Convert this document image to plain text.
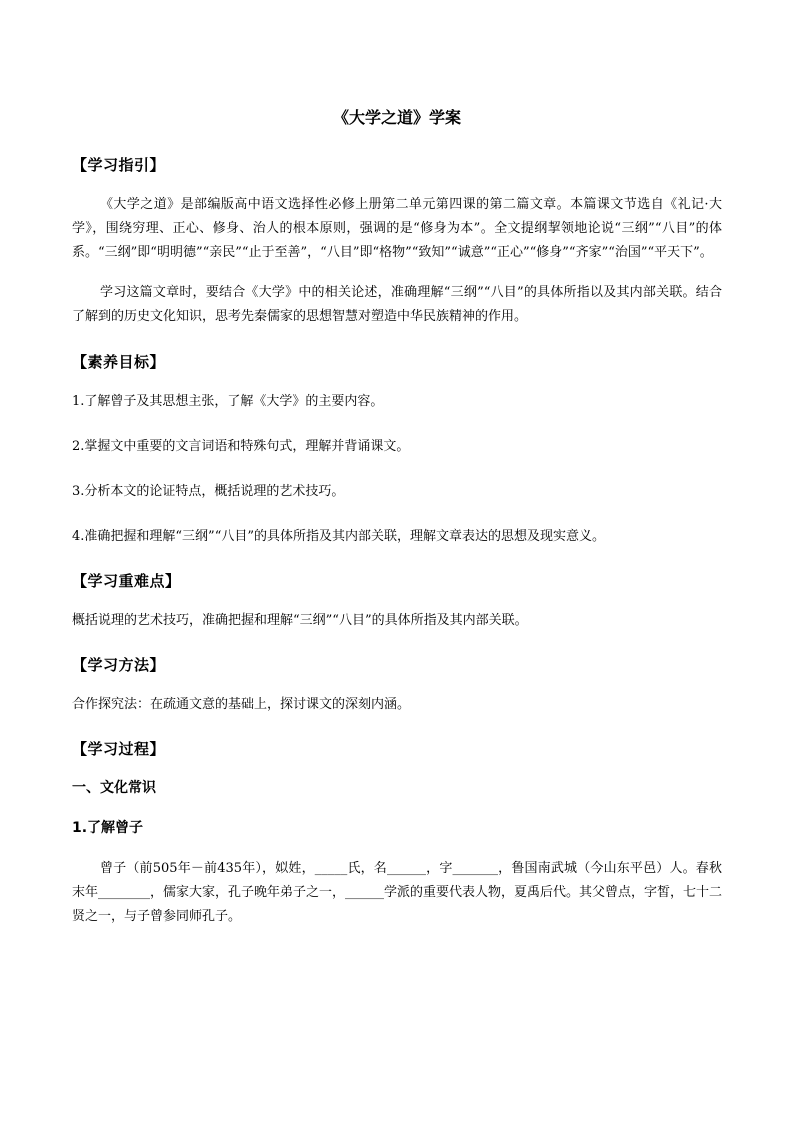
《大学之道》学案
【学习指引】

《大学之道》是部编版高中语文选择性必修上册第二单元第四课的第二篇文章。本篇课文节选自《礼记·大学》，围绕穷理、正心、修身、治人的根本原则，强调的是“修身为本”。全文提纲挈领地论说“三纲”“八目”的体系。“三纲”即“明明德”“亲民”“止于至善”，“八目”即“格物”“致知”“诚意”“正心”“修身”“齐家”“治国”“平天下”。

学习这篇文章时，要结合《大学》中的相关论述，准确理解“三纲”“八目”的具体所指以及其内部关联。结合了解到的历史文化知识，思考先秦儒家的思想智慧对塑造中华民族精神的作用。

【素养目标】
1.了解曾子及其思想主张，了解《大学》的主要内容。
2.掌握文中重要的文言词语和特殊句式，理解并背诵课文。
3.分析本文的论证特点，概括说理的艺术技巧。
4.准确把握和理解“三纲”“八目”的具体所指及其内部关联，理解文章表达的思想及现实意义。
【学习重难点】
概括说理的艺术技巧，准确把握和理解“三纲”“八目”的具体所指及其内部关联。
【学习方法】
合作探究法：在疏通文意的基础上，探讨课文的深刻内涵。
【学习过程】
一、文化常识
1.了解曾子

曾子（前505年－前435年），姒姓，_____氏，名______，字_______，鲁国南武城（今山东平邑）人。春秋末年________，儒家大家，孔子晚年弟子之一，______学派的重要代表人物，夏禹后代。其父曾点，字皙，七十二贤之一，与子曾参同师孔子。
